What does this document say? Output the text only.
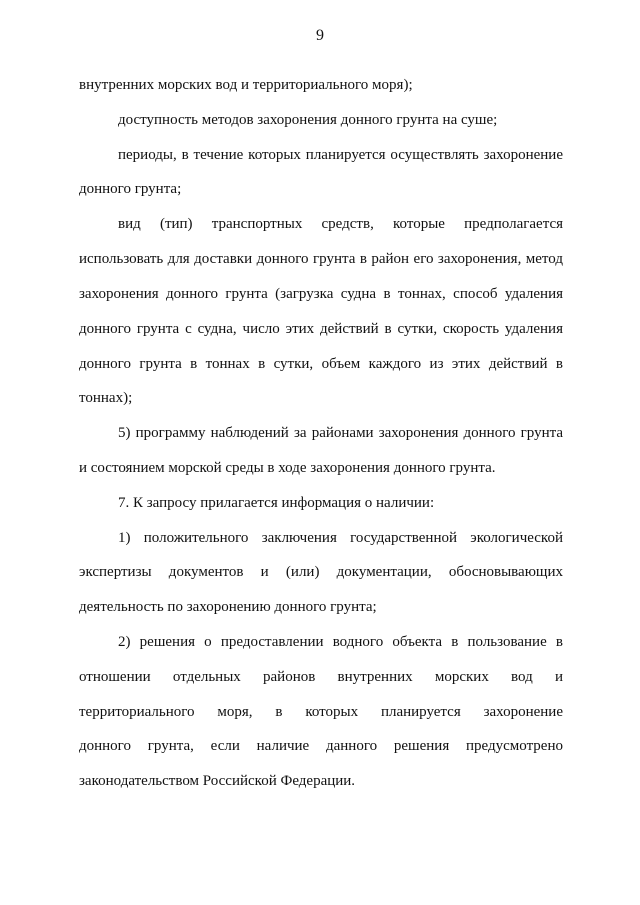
9
внутренних морских вод и территориального моря);
доступность методов захоронения донного грунта на суше;
периоды, в течение которых планируется осуществлять захоронение
донного грунта;
вид (тип) транспортных средств, которые предполагается
использовать для доставки донного грунта в район его захоронения, метод
захоронения донного грунта (загрузка судна в тоннах, способ удаления
донного грунта с судна, число этих действий в сутки, скорость удаления
донного грунта в тоннах в сутки, объем каждого из этих действий в
тоннах);
5) программу наблюдений за районами захоронения донного грунта
и состоянием морской среды в ходе захоронения донного грунта.
7. К запросу прилагается информация о наличии:
1) положительного заключения государственной экологической
экспертизы документов и (или) документации, обосновывающих
деятельность по захоронению донного грунта;
2) решения о предоставлении водного объекта в пользование в
отношении отдельных районов внутренних морских вод и
территориального моря, в которых планируется захоронение
донного грунта, если наличие данного решения предусмотрено
законодательством Российской Федерации.
